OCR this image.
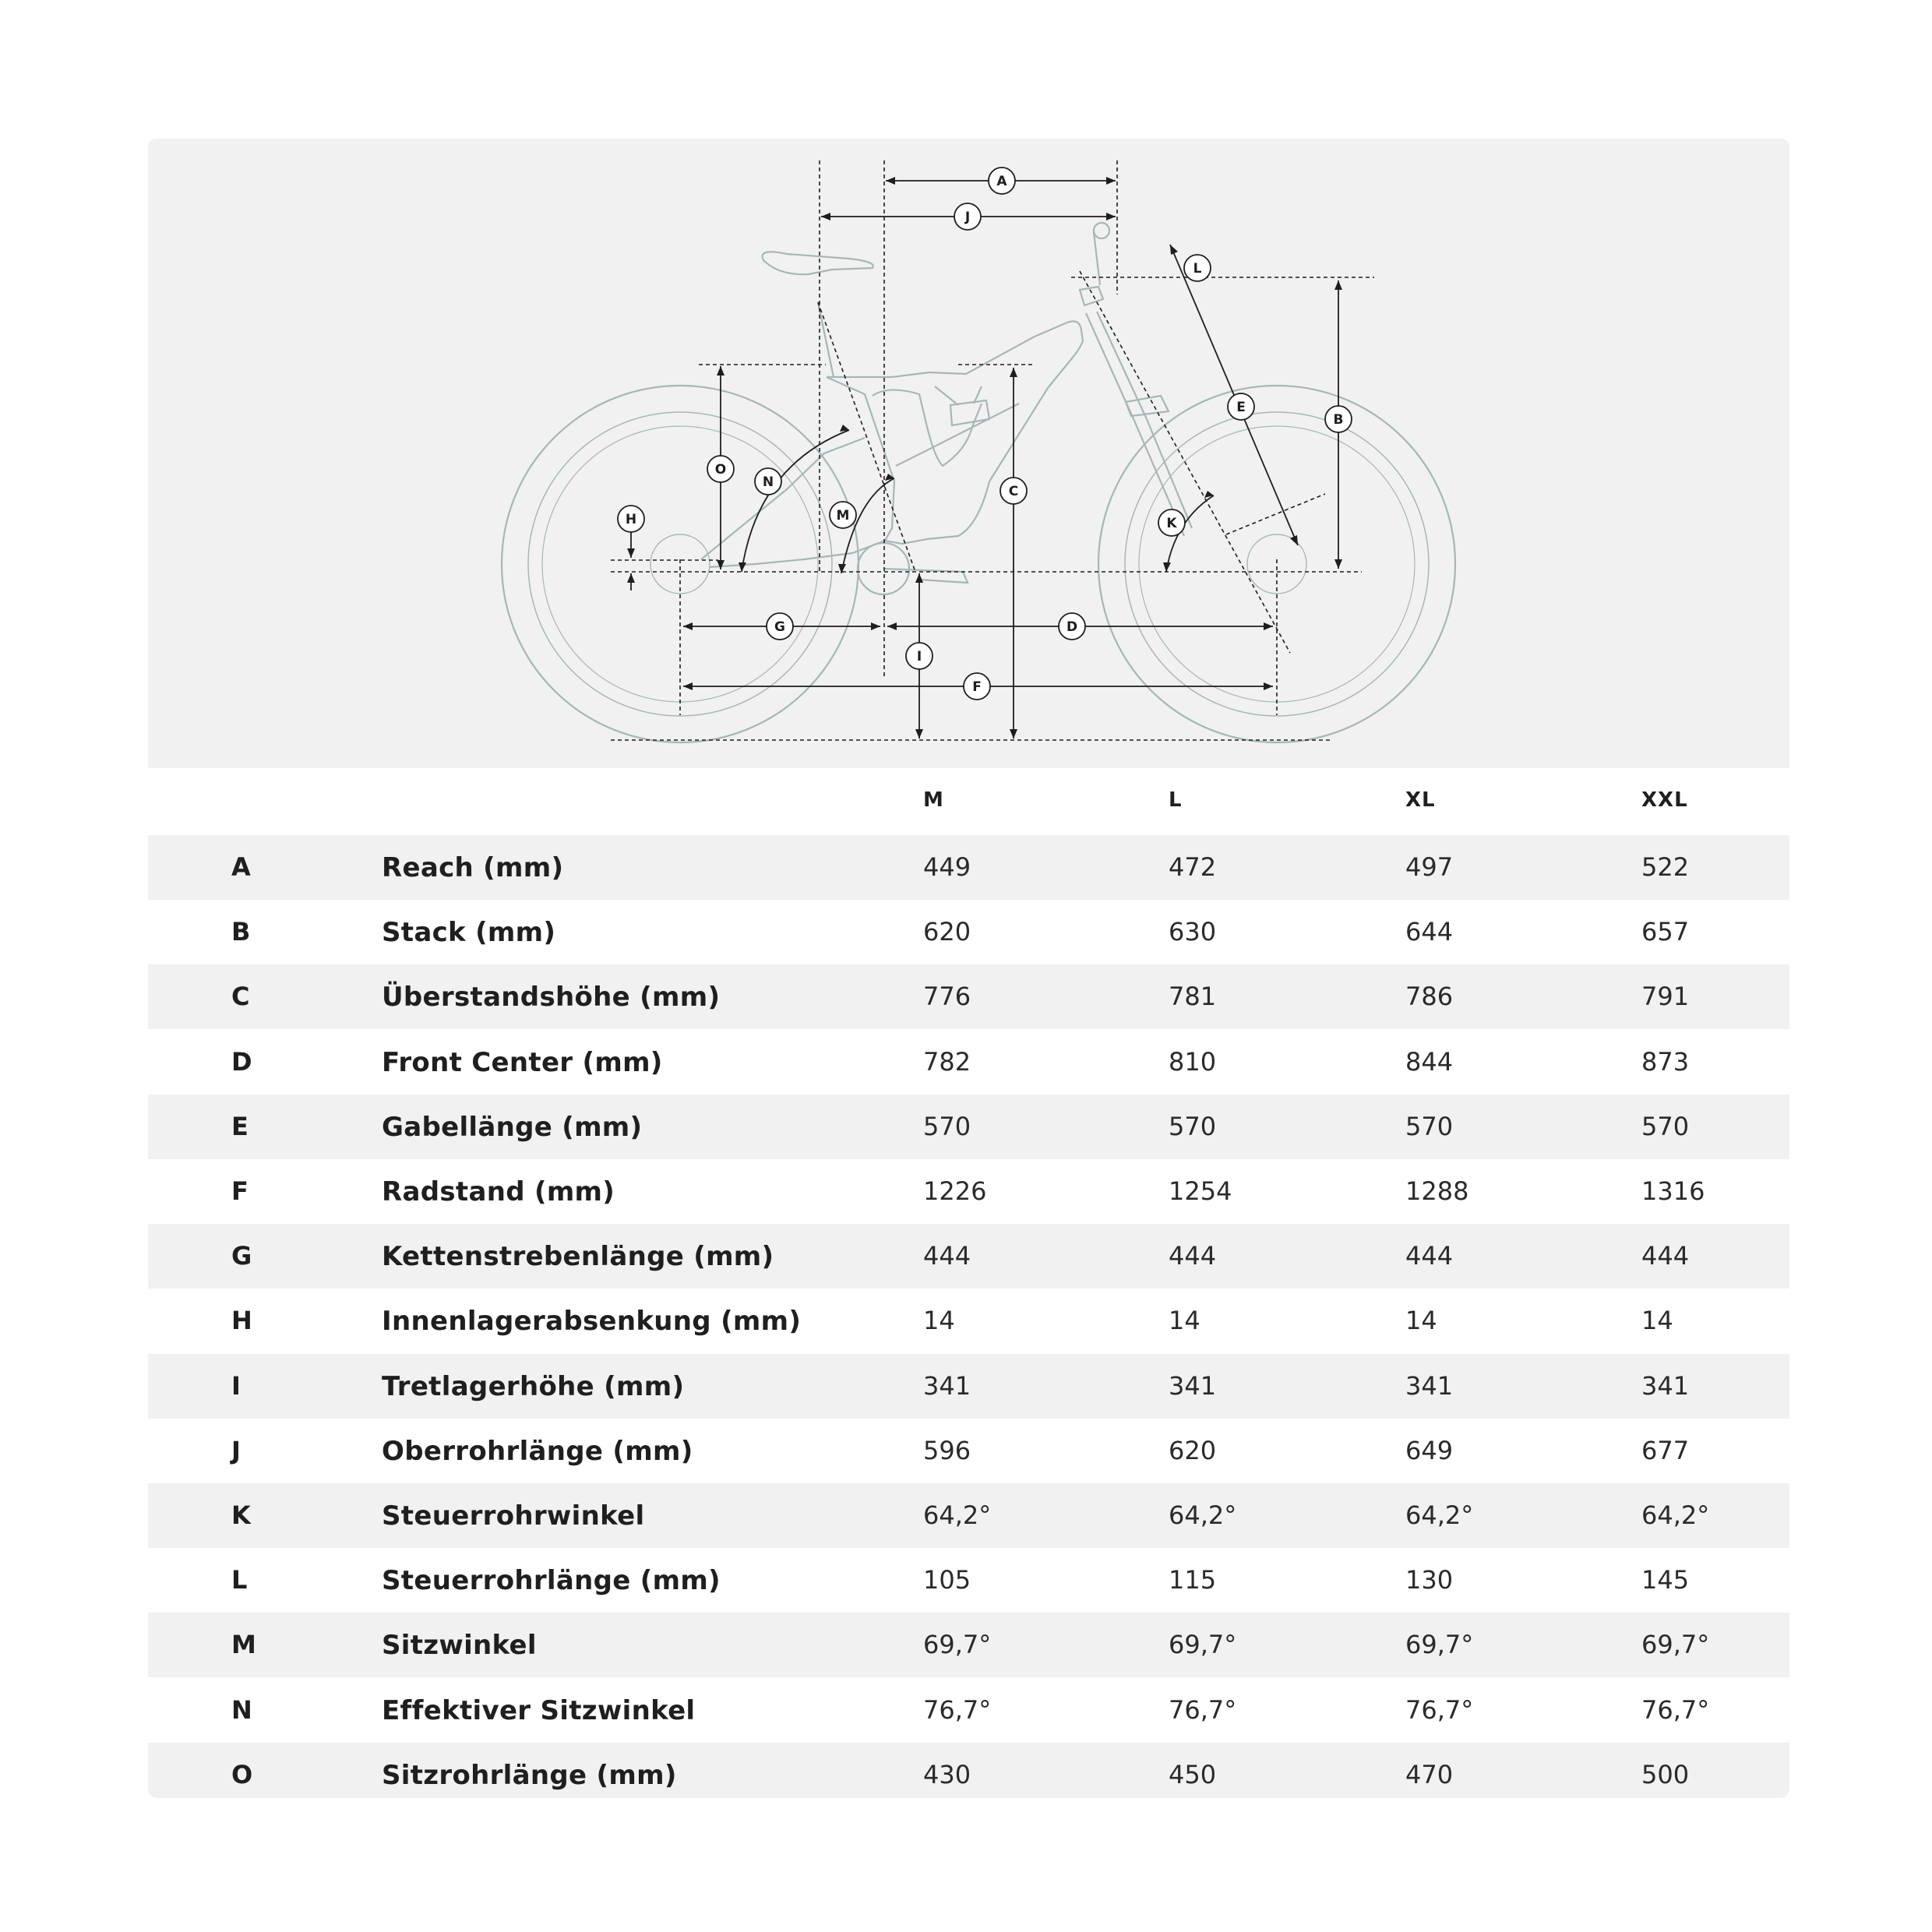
A
B
C
D
E
F
G
H
I
J
K
L
M
N
O
M	L	XL	XXL
A	Reach (mm)	449	472	497	522
B	Stack (mm)	620	630	644	657
C	Überstandshöhe (mm)	776	781	786	791
D	Front Center (mm)	782	810	844	873
E	Gabellänge (mm)	570	570	570	570
F	Radstand (mm)	1226	1254	1288	1316
G	Kettenstrebenlänge (mm)	444	444	444	444
H	Innenlagerabsenkung (mm)	14	14	14	14
I	Tretlagerhöhe (mm)	341	341	341	341
J	Oberrohrlänge (mm)	596	620	649	677
K	Steuerrohrwinkel	64,2°	64,2°	64,2°	64,2°
L	Steuerrohrlänge (mm)	105	115	130	145
M	Sitzwinkel	69,7°	69,7°	69,7°	69,7°
N	Effektiver Sitzwinkel	76,7°	76,7°	76,7°	76,7°
O	Sitzrohrlänge (mm)	430	450	470	500
